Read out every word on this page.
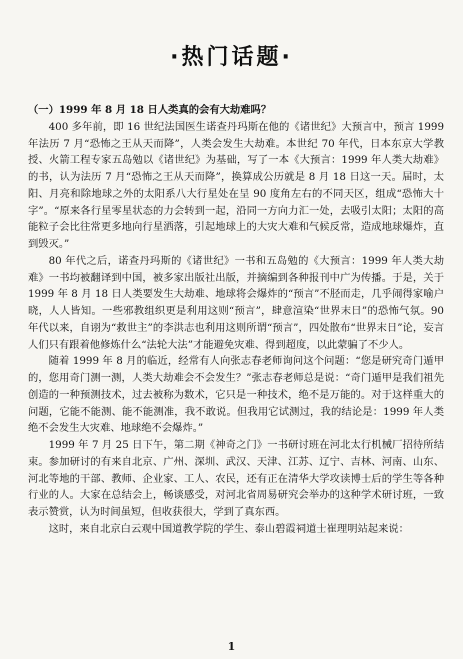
·热门话题·

（一）1999 年 8 月 18 日人类真的会有大劫难吗？

400 多年前，即 16 世纪法国医生诺查丹玛斯在他的《诸世纪》大预言中，预言 1999 年法历 7 月“恐怖之王从天而降”，人类会发生大劫难。本世纪 70 年代，日本东京大学教授、火箭工程专家五岛勉以《诸世纪》为基础，写了一本《大预言：1999 年人类大劫难》的书，认为法历 7 月“恐怖之王从天而降”，换算成公历就是 8 月 18 日这一天。届时，太阳、月亮和除地球之外的太阳系八大行星处在呈 90 度角左右的不同天区，组成“恐怖大十字”。“原来各行星零星状态的力会转到一起，沿同一方向力汇一处，去吸引太阳；太阳的高能粒子会比往常更多地向行星洒落，引起地球上的大灾大难和气候反常，造成地球爆炸，直到毁灭。”

80 年代之后，诺查丹玛斯的《诸世纪》一书和五岛勉的《大预言：1999 年人类大劫难》一书均被翻译到中国，被多家出版社出版，并摘编到各种报刊中广为传播。于是，关于 1999 年 8 月 18 日人类要发生大劫难、地球将会爆炸的“预言”不胫而走，几乎闹得家喻户晓，人人皆知。一些邪教组织更是利用这则“预言”，肆意渲染“世界末日”的恐怖气氛。90 年代以来，自诩为“救世主”的李洪志也利用这则所谓“预言”，四处散布“世界末日”论，妄言人们只有跟着他修炼什么“法轮大法”才能避免灾难、得到超度，以此蒙骗了不少人。

随着 1999 年 8 月的临近，经常有人向张志春老师询问这个问题：“您是研究奇门遁甲的，您用奇门测一测，人类大劫难会不会发生？”张志春老师总是说：“奇门遁甲是我们祖先创造的一种预测技术，过去被称为数术，它只是一种技术，绝不是万能的。对于这样重大的问题，它能不能测、能不能测准，我不敢说。但我用它试测过，我的结论是：1999 年人类绝不会发生大灾难、地球绝不会爆炸。”

1999 年 7 月 25 日下午，第二期《神奇之门》一书研讨班在河北太行机械厂招待所结束。参加研讨的有来自北京、广州、深圳、武汉、天津、江苏、辽宁、吉林、河南、山东、河北等地的干部、教师、企业家、工人、农民，还有正在清华大学攻读博士后的学生等各种行业的人。大家在总结会上，畅谈感受，对河北省周易研究会举办的这种学术研讨班，一致表示赞赏，认为时间虽短，但收获很大，学到了真东西。

这时，来自北京白云观中国道教学院的学生、泰山碧霞祠道士崔理明站起来说：

1
